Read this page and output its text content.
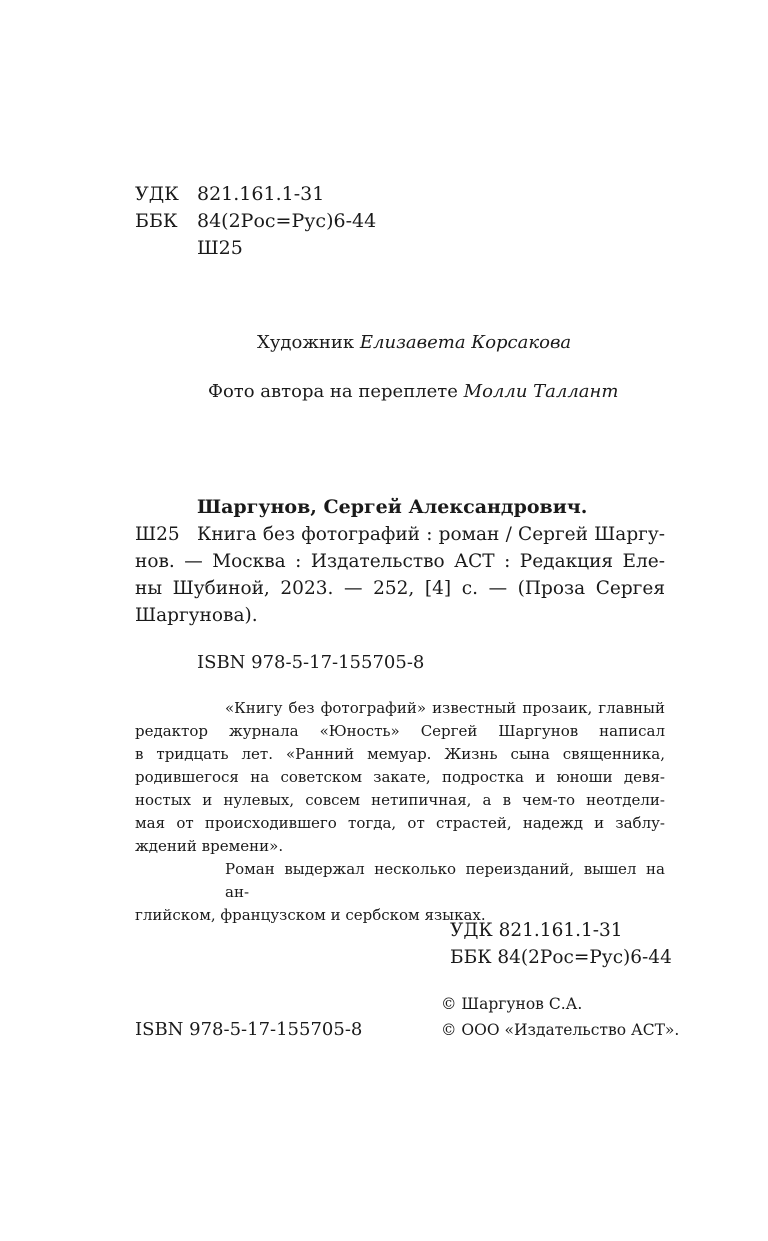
УДК 821.161.1-31
ББК 84(2Рос=Рус)6-44
Ш25
Художник Елизавета Корсакова
Фото автора на переплете Молли Таллант
Шаргунов, Сергей Александрович.
Ш25 Книга без фотографий : роман / Сергей Шаргу-
нов. — Москва : Издательство АСТ : Редакция Еле-
ны Шубиной, 2023. — 252, [4] с. — (Проза Сергея
Шаргунова).
ISBN 978-5-17-155705-8
«Книгу без фотографий» известный прозаик, главный
редактор журнала «Юность» Сергей Шаргунов написал
в тридцать лет. «Ранний мемуар. Жизнь сына священника,
родившегося на советском закате, подростка и юноши девя-
ностых и нулевых, совсем нетипичная, а в чем-то неотдели-
мая от происходившего тогда, от страстей, надежд и заблу-
ждений времени».
Роман выдержал несколько переизданий, вышел на ан-
глийском, французском и сербском языках.
УДК 821.161.1-31
ББК 84(2Рос=Рус)6-44
© Шаргунов С.А.
ISBN 978-5-17-155705-8	© ООО «Издательство АСТ».
